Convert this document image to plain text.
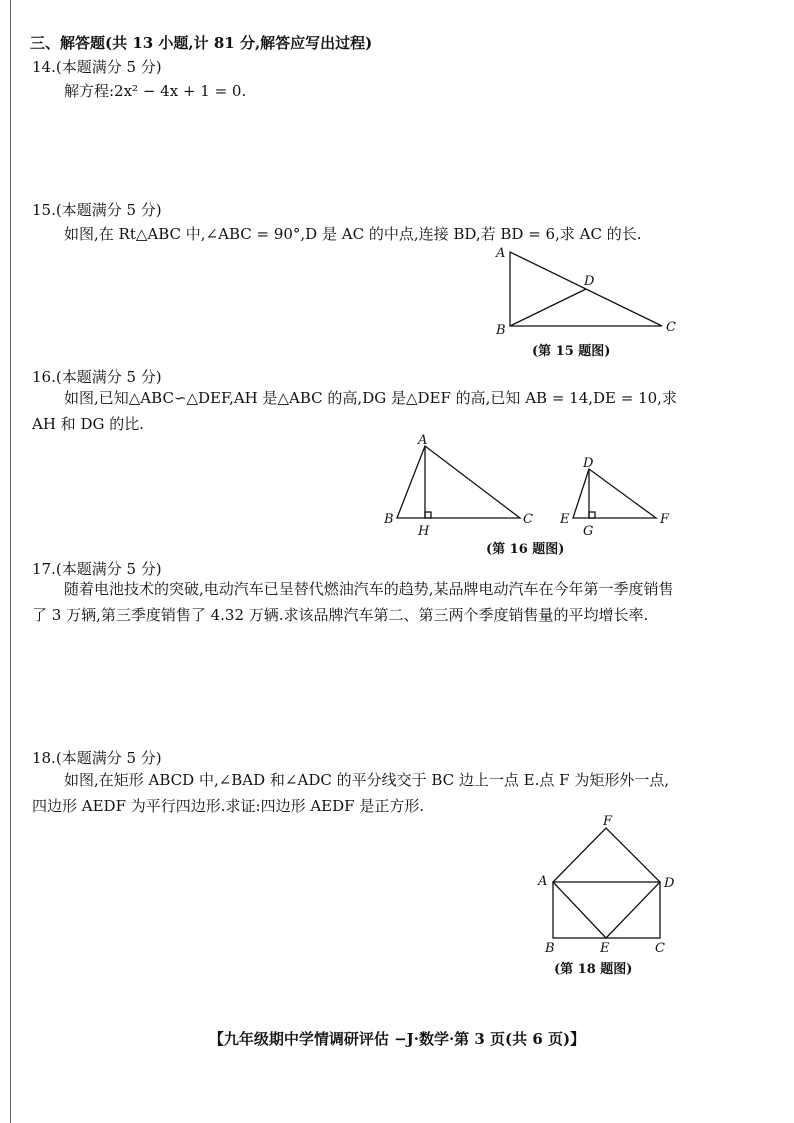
三、解答题(共 13 小题,计 81 分,解答应写出过程)
14.(本题满分 5 分)
解方程:2x² − 4x + 1 = 0.
15.(本题满分 5 分)
如图,在 Rt△ABC 中,∠ABC = 90°,D 是 AC 的中点,连接 BD,若 BD = 6,求 AC 的长.
A
B	C
D
(第 15 题图)
16.(本题满分 5 分)
如图,已知△ABC∽△DEF,AH 是△ABC 的高,DG 是△DEF 的高,已知 AB = 14,DE = 10,求 AH 和 DG 的比.
A
B	C
H
D
E	F
G
(第 16 题图)
17.(本题满分 5 分)
随着电池技术的突破,电动汽车已呈替代燃油汽车的趋势,某品牌电动汽车在今年第一季度销售了 3 万辆,第三季度销售了 4.32 万辆.求该品牌汽车第二、第三两个季度销售量的平均增长率.
18.(本题满分 5 分)
如图,在矩形 ABCD 中,∠BAD 和∠ADC 的平分线交于 BC 边上一点 E.点 F 为矩形外一点,四边形 AEDF 为平行四边形.求证:四边形 AEDF 是正方形.
F
A	D
B	E	C
(第 18 题图)
【九年级期中学情调研评估 −J·数学·第 3 页(共 6 页)】
